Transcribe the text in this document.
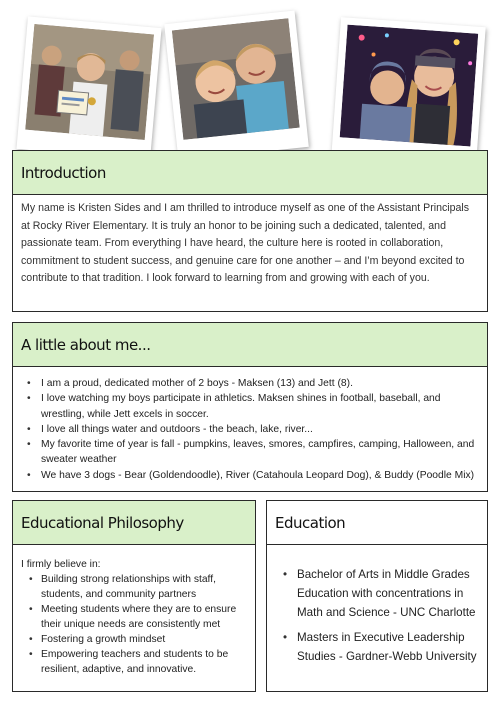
Introduction

My name is Kristen Sides and I am thrilled to introduce myself as one of the Assistant Principals at Rocky River Elementary. It is truly an honor to be joining such a dedicated, talented, and passionate team. From everything I have heard, the culture here is rooted in collaboration, commitment to student success, and genuine care for one another – and I’m beyond excited to contribute to that tradition. I look forward to learning from and growing with each of you.

A little about me...
• I am a proud, dedicated mother of 2 boys - Maksen (13) and Jett (8).
• I love watching my boys participate in athletics. Maksen shines in football, baseball, and wrestling, while Jett excels in soccer.
• I love all things water and outdoors - the beach, lake, river...
• My favorite time of year is fall - pumpkins, leaves, smores, campfires, camping, Halloween, and sweater weather
• We have 3 dogs - Bear (Goldendoodle), River (Catahoula Leopard Dog), & Buddy (Poodle Mix)
Educational Philosophy

I firmly believe in:

• Building strong relationships with staff, students, and community partners
• Meeting students where they are to ensure their unique needs are consistently met
• Fostering a growth mindset
• Empowering teachers and students to be resilient, adaptive, and innovative.
Education
• Bachelor of Arts in Middle Grades Education with concentrations in Math and Science - UNC Charlotte
• Masters in Executive Leadership Studies - Gardner-Webb University
